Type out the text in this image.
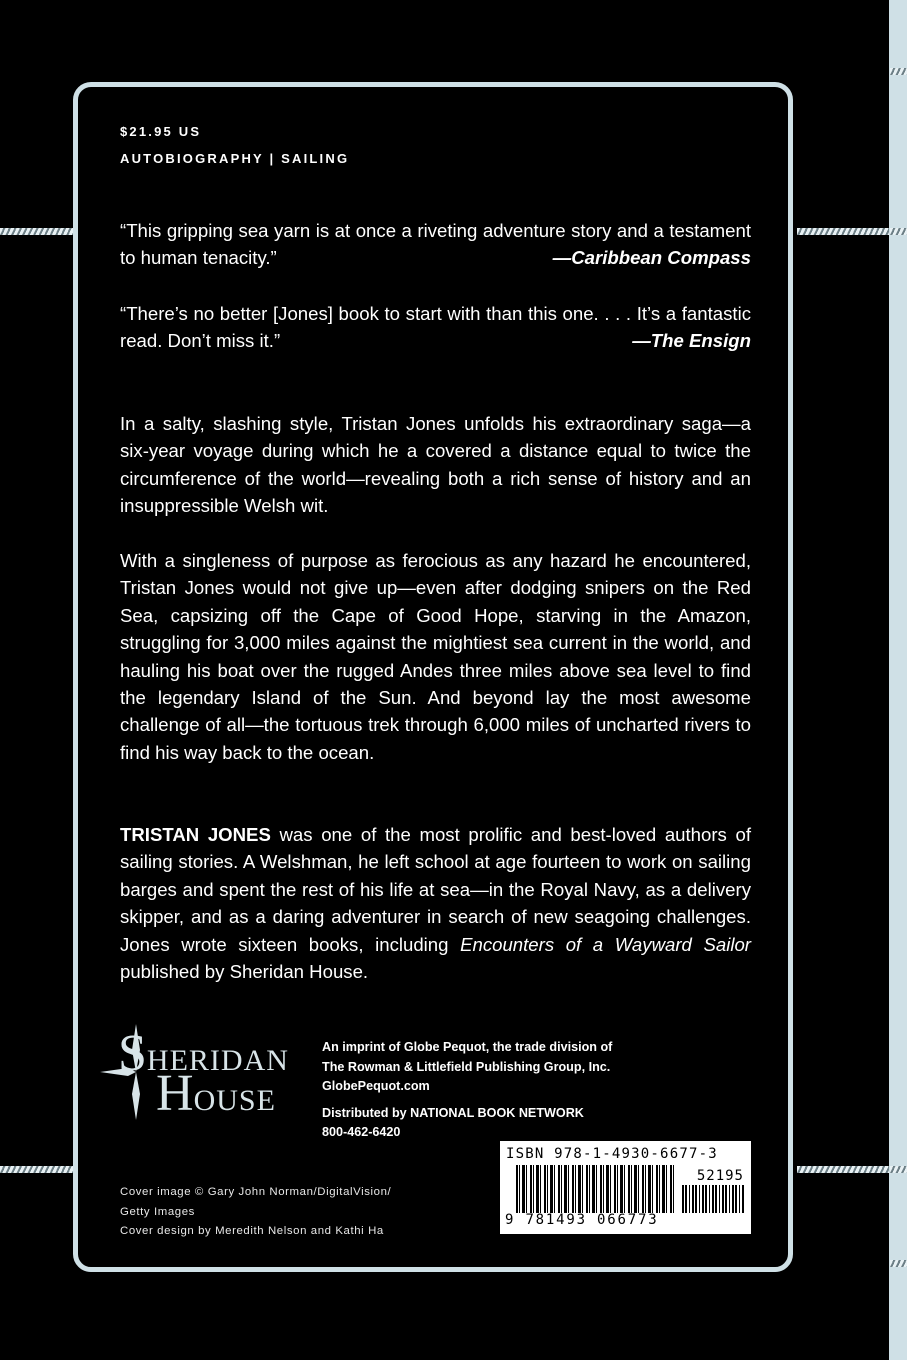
$21.95 US
AUTOBIOGRAPHY | SAILING
“This gripping sea yarn is at once a riveting adventure story and a testament to human tenacity.”	—Caribbean Compass
“There’s no better [Jones] book to start with than this one. . . . It’s a fantastic read. Don’t miss it.”	—The Ensign
In a salty, slashing style, Tristan Jones unfolds his extraordinary saga—a six-year voyage during which he a covered a distance equal to twice the circumference of the world—revealing both a rich sense of history and an insuppressible Welsh wit.
With a singleness of purpose as ferocious as any hazard he encountered, Tristan Jones would not give up—even after dodging snipers on the Red Sea, capsizing off the Cape of Good Hope, starving in the Amazon, struggling for 3,000 miles against the mightiest sea current in the world, and hauling his boat over the rugged Andes three miles above sea level to find the legendary Island of the Sun. And beyond lay the most awesome challenge of all—the tortuous trek through 6,000 miles of uncharted rivers to find his way back to the ocean.
TRISTAN JONES was one of the most prolific and best-loved authors of sailing stories. A Welshman, he left school at age fourteen to work on sailing barges and spent the rest of his life at sea—in the Royal Navy, as a delivery skipper, and as a daring adventurer in search of new seagoing challenges. Jones wrote sixteen books, including Encounters of a Wayward Sailor published by Sheridan House.
SHERIDAN
HOUSE
An imprint of Globe Pequot, the trade division of
The Rowman & Littlefield Publishing Group, Inc.
GlobePequot.com
Distributed by NATIONAL BOOK NETWORK
800-462-6420
Cover image © Gary John Norman/DigitalVision/
Getty Images
Cover design by Meredith Nelson and Kathi Ha
ISBN 978-1-4930-6677-3
52195
9 781493 066773
